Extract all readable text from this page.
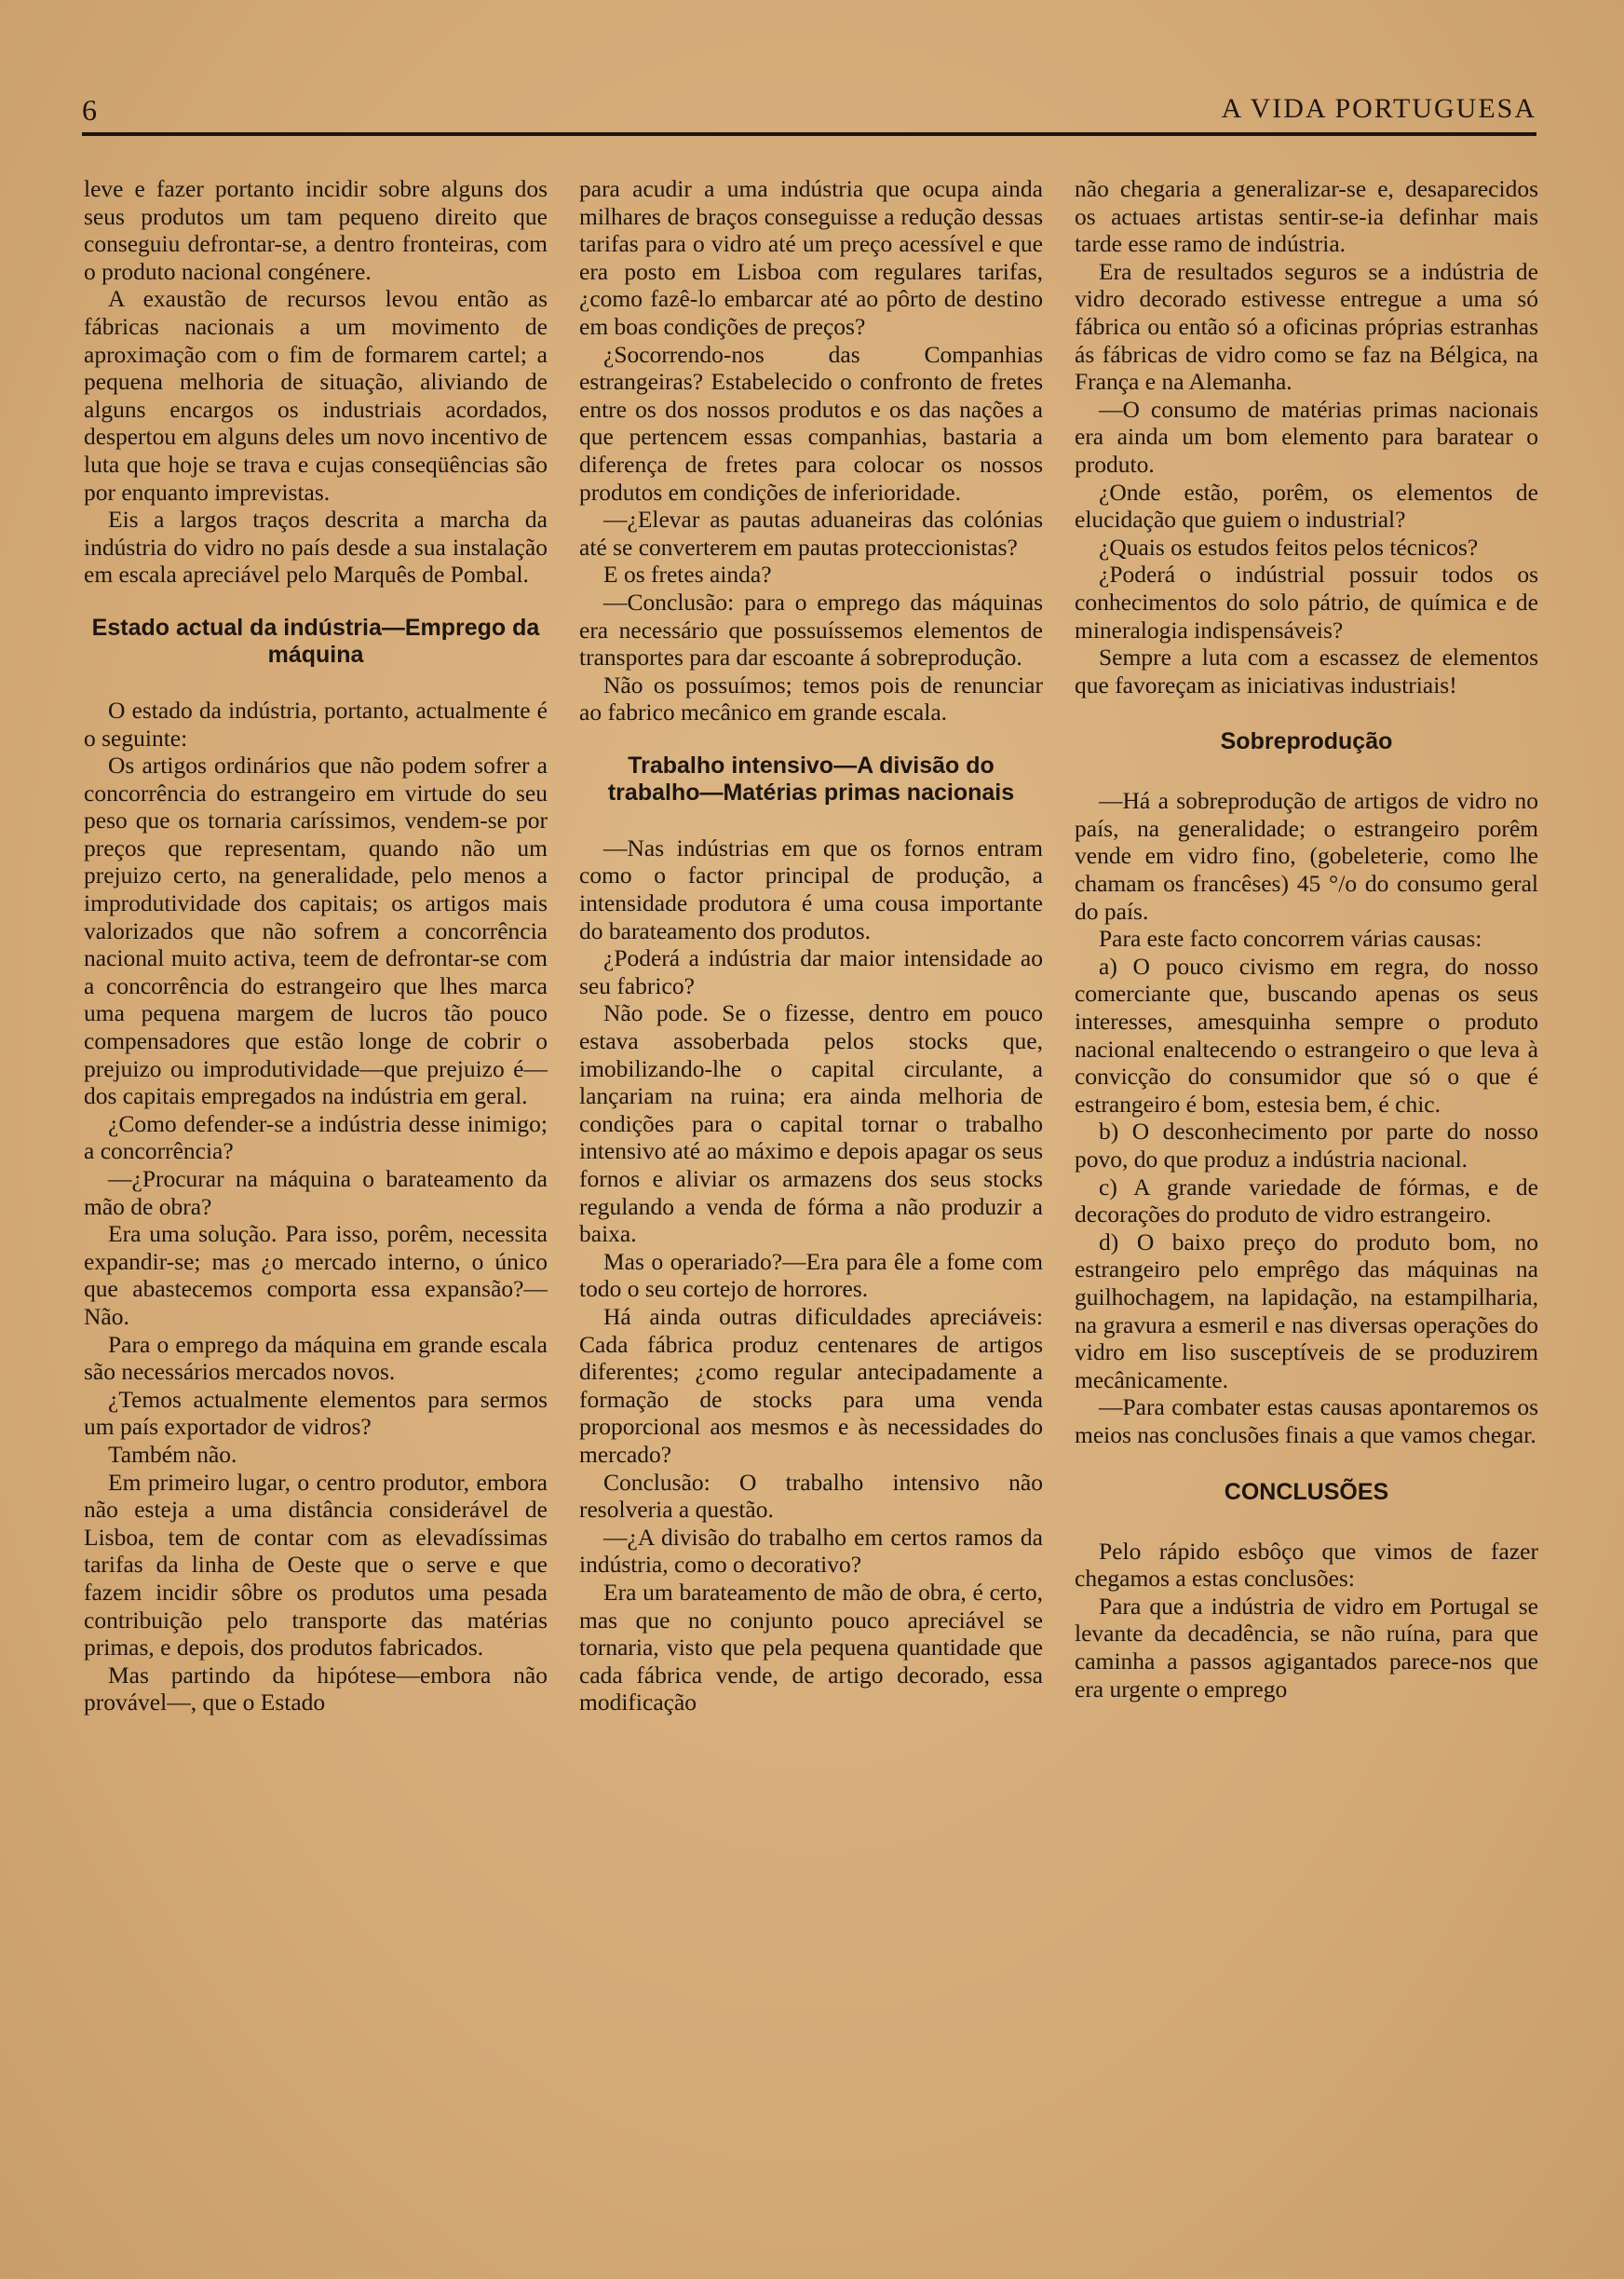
6	A VIDA PORTUGUESA

leve e fazer portanto incidir sobre alguns dos seus produtos um tam pequeno direito que conseguiu defrontar-se, a dentro fronteiras, com o produto nacional congénere.

A exaustão de recursos levou então as fábricas nacionais a um movimento de aproximação com o fim de formarem cartel; a pequena melhoria de situação, aliviando de alguns encargos os industriais acordados, despertou em alguns deles um novo incentivo de luta que hoje se trava e cujas conseqüências são por enquanto imprevistas.

Eis a largos traços descrita a marcha da indústria do vidro no país desde a sua instalação em escala apreciável pelo Marquês de Pombal.

Estado actual da indústria—Emprego da máquina

O estado da indústria, portanto, actualmente é o seguinte:

Os artigos ordinários que não podem sofrer a concorrência do estrangeiro em virtude do seu peso que os tornaria caríssimos, vendem-se por preços que representam, quando não um prejuizo certo, na generalidade, pelo menos a improdutividade dos capitais; os artigos mais valorizados que não sofrem a concorrência nacional muito activa, teem de defrontar-se com a concorrência do estrangeiro que lhes marca uma pequena margem de lucros tão pouco compensadores que estão longe de cobrir o prejuizo ou improdutividade—que prejuizo é—dos capitais empregados na indústria em geral.

¿Como defender-se a indústria desse inimigo; a concorrência?

—¿Procurar na máquina o barateamento da mão de obra?

Era uma solução. Para isso, porêm, necessita expandir-se; mas ¿o mercado interno, o único que abastecemos comporta essa expansão?—Não.

Para o emprego da máquina em grande escala são necessários mercados novos.

¿Temos actualmente elementos para sermos um país exportador de vidros?

Também não.

Em primeiro lugar, o centro produtor, embora não esteja a uma distância considerável de Lisboa, tem de contar com as elevadíssimas tarifas da linha de Oeste que o serve e que fazem incidir sôbre os produtos uma pesada contribuição pelo transporte das matérias primas, e depois, dos produtos fabricados.

Mas partindo da hipótese—embora não provável—, que o Estado

para acudir a uma indústria que ocupa ainda milhares de braços conseguisse a redução dessas tarifas para o vidro até um preço acessível e que era posto em Lisboa com regulares tarifas, ¿como fazê-lo embarcar até ao pôrto de destino em boas condições de preços?

¿Socorrendo-nos das Companhias estrangeiras? Estabelecido o confronto de fretes entre os dos nossos produtos e os das nações a que pertencem essas companhias, bastaria a diferença de fretes para colocar os nossos produtos em condições de inferioridade.

—¿Elevar as pautas aduaneiras das colónias até se converterem em pautas proteccionistas?

E os fretes ainda?

—Conclusão: para o emprego das máquinas era necessário que possuíssemos elementos de transportes para dar escoante á sobreprodução.

Não os possuímos; temos pois de renunciar ao fabrico mecânico em grande escala.

Trabalho intensivo—A divisão do trabalho—Matérias primas nacionais

—Nas indústrias em que os fornos entram como o factor principal de produção, a intensidade produtora é uma cousa importante do barateamento dos produtos.

¿Poderá a indústria dar maior intensidade ao seu fabrico?

Não pode. Se o fizesse, dentro em pouco estava assoberbada pelos stocks que, imobilizando-lhe o capital circulante, a lançariam na ruina; era ainda melhoria de condições para o capital tornar o trabalho intensivo até ao máximo e depois apagar os seus fornos e aliviar os armazens dos seus stocks regulando a venda de fórma a não produzir a baixa.

Mas o operariado?—Era para êle a fome com todo o seu cortejo de horrores.

Há ainda outras dificuldades apreciáveis: Cada fábrica produz centenares de artigos diferentes; ¿como regular antecipadamente a formação de stocks para uma venda proporcional aos mesmos e às necessidades do mercado?

Conclusão: O trabalho intensivo não resolveria a questão.

—¿A divisão do trabalho em certos ramos da indústria, como o decorativo?

Era um barateamento de mão de obra, é certo, mas que no conjunto pouco apreciável se tornaria, visto que pela pequena quantidade que cada fábrica vende, de artigo decorado, essa modificação

não chegaria a generalizar-se e, desaparecidos os actuaes artistas sentir-se-ia definhar mais tarde esse ramo de indústria.

Era de resultados seguros se a indústria de vidro decorado estivesse entregue a uma só fábrica ou então só a oficinas próprias estranhas ás fábricas de vidro como se faz na Bélgica, na França e na Alemanha.

—O consumo de matérias primas nacionais era ainda um bom elemento para baratear o produto.

¿Onde estão, porêm, os elementos de elucidação que guiem o industrial?

¿Quais os estudos feitos pelos técnicos?

¿Poderá o indústrial possuir todos os conhecimentos do solo pátrio, de química e de mineralogia indispensáveis?

Sempre a luta com a escassez de elementos que favoreçam as iniciativas industriais!

Sobreprodução

—Há a sobreprodução de artigos de vidro no país, na generalidade; o estrangeiro porêm vende em vidro fino, (gobeleterie, como lhe chamam os francêses) 45 °/o do consumo geral do país.

Para este facto concorrem várias causas:

a) O pouco civismo em regra, do nosso comerciante que, buscando apenas os seus interesses, amesquinha sempre o produto nacional enaltecendo o estrangeiro o que leva à convicção do consumidor que só o que é estrangeiro é bom, estesia bem, é chic.

b) O desconhecimento por parte do nosso povo, do que produz a indústria nacional.

c) A grande variedade de fórmas, e de decorações do produto de vidro estrangeiro.

d) O baixo preço do produto bom, no estrangeiro pelo emprêgo das máquinas na guilhochagem, na lapidação, na estampilharia, na gravura a esmeril e nas diversas operações do vidro em liso susceptíveis de se produzirem mecânicamente.

—Para combater estas causas apontaremos os meios nas conclusões finais a que vamos chegar.

CONCLUSÕES

Pelo rápido esbôço que vimos de fazer chegamos a estas conclusões:

Para que a indústria de vidro em Portugal se levante da decadência, se não ruína, para que caminha a passos agigantados parece-nos que era urgente o emprego
